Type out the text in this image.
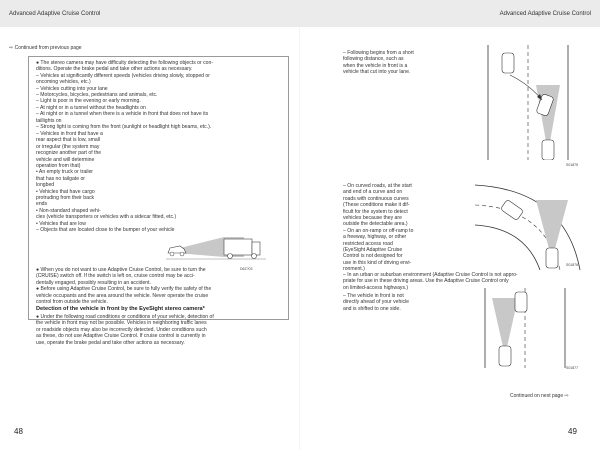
Advanced Adaptive Cruise Control	Advanced Adaptive Cruise Control
⇨ Continued from previous page

● The stereo camera may have difficulty detecting the following objects or con-

ditions. Operate the brake pedal and take other actions as necessary.

– Vehicles at significantly different speeds (vehicles driving slowly, stopped or

oncoming vehicles, etc.)

– Vehicles cutting into your lane

– Motorcycles, bicycles, pedestrians and animals, etc.

– Light is poor in the evening or early morning.

– At night or in a tunnel without the headlights on

– At night or in a tunnel when there is a vehicle in front that does not have its

taillights on

– Strong light is coming from the front (sunlight or headlight high beams, etc.).

– Vehicles in front that have a

rear aspect that is low, small

or irregular (the system may

recognize another part of the

vehicle and will determine

operation from that)

• An empty truck or trailer

that has no tailgate or

longbed

• Vehicles that have cargo

protruding from their back

ends

• Non-standard shaped vehi-

cles (vehicle transporters or vehicles with a sidecar fitted, etc.)

• Vehicles that are low

– Objects that are located close to the bumper of your vehicle

D6Z?03

● When you do not want to use Adaptive Cruise Control, be sure to turn the

(CRUISE) switch off. If the switch is left on, cruise control may be acci-

dentally engaged, possibly resulting in an accident.

● Before using Adaptive Cruise Control, be sure to fully verify the safety of the

vehicle occupants and the area around the vehicle. Never operate the cruise

control from outside the vehicle.

Detection of the vehicle in front by the EyeSight stereo camera*

● Under the following road conditions or conditions of your vehicle, detection of

the vehicle in front may not be possible. Vehicles in neighboring traffic lanes

or roadside objects may also be incorrectly detected. Under conditions such

as these, do not use Adaptive Cruise Control. If cruise control is currently in

use, operate the brake pedal and take other actions as necessary.

48

– Following begins from a short

following distance, such as

when the vehicle in front is a

vehicle that cut into your lane.

S01875

– On curved roads, at the start

and end of a curve and on

roads with continuous curves

(These conditions make it dif-

ficult for the system to detect

vehicles because they are

outside the detectable area.)

– On an on-ramp or off-ramp to

a freeway, highway, or other

restricted access road

(EyeSight Adaptive Cruise

Control is not designed for

use in this kind of driving envi-

ronment.)

S01876

– In an urban or suburban environment (Adaptive Cruise Control is not appro-

priate for use in these driving areas. Use the Adaptive Cruise Control only

on limited-access highways.)

– The vehicle in front is not

directly ahead of your vehicle

and is shifted to one side.

S01877
Continued on next page ⇨
49
